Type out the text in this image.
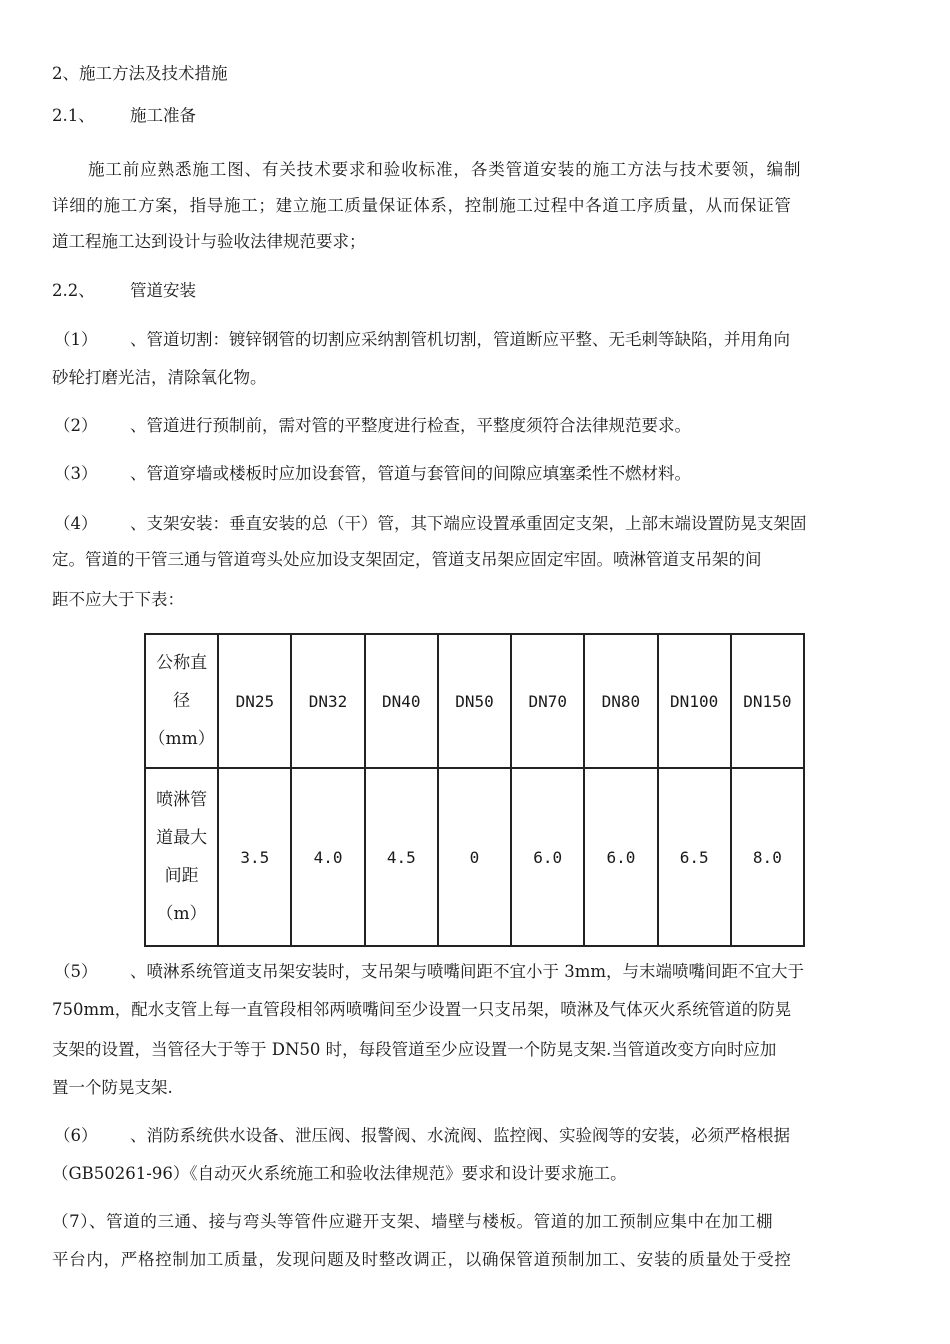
2、施工方法及技术措施
2.1、 施工准备
施工前应熟悉施工图、有关技术要求和验收标准，各类管道安装的施工方法与技术要领，编制
详细的施工方案，指导施工；建立施工质量保证体系，控制施工过程中各道工序质量，从而保证管
道工程施工达到设计与验收法律规范要求；
2.2、 管道安装
（1） 、管道切割：镀锌钢管的切割应采纳割管机切割，管道断应平整、无毛刺等缺陷，并用角向
砂轮打磨光洁，清除氧化物。
（2） 、管道进行预制前，需对管的平整度进行检查，平整度须符合法律规范要求。
（3） 、管道穿墙或楼板时应加设套管，管道与套管间的间隙应填塞柔性不燃材料。
（4） 、支架安装：垂直安装的总（干）管，其下端应设置承重固定支架，上部末端设置防晃支架固
定。管道的干管三通与管道弯头处应加设支架固定，管道支吊架应固定牢固。喷淋管道支吊架的间
距不应大于下表：
公称直
径
（mm）	DN25	DN32	DN40	DN50	DN70	DN80	DN100	DN150

喷淋管
道最大
间距
（m）	3.5	4.0	4.5	0	6.0	6.0	6.5	8.0
（5） 、喷淋系统管道支吊架安装时，支吊架与喷嘴间距不宜小于 3mm，与末端喷嘴间距不宜大于
750mm，配水支管上每一直管段相邻两喷嘴间至少设置一只支吊架，喷淋及气体灭火系统管道的防晃
支架的设置，当管径大于等于 DN50 时，每段管道至少应设置一个防晃支架.当管道改变方向时应加
置一个防晃支架.
（6） 、消防系统供水设备、泄压阀、报警阀、水流阀、监控阀、实验阀等的安装，必须严格根据
（GB50261-96）《自动灭火系统施工和验收法律规范》要求和设计要求施工。
（7）、管道的三通、接与弯头等管件应避开支架、墙壁与楼板。管道的加工预制应集中在加工棚
平台内，严格控制加工质量，发现问题及时整改调正，以确保管道预制加工、安装的质量处于受控
